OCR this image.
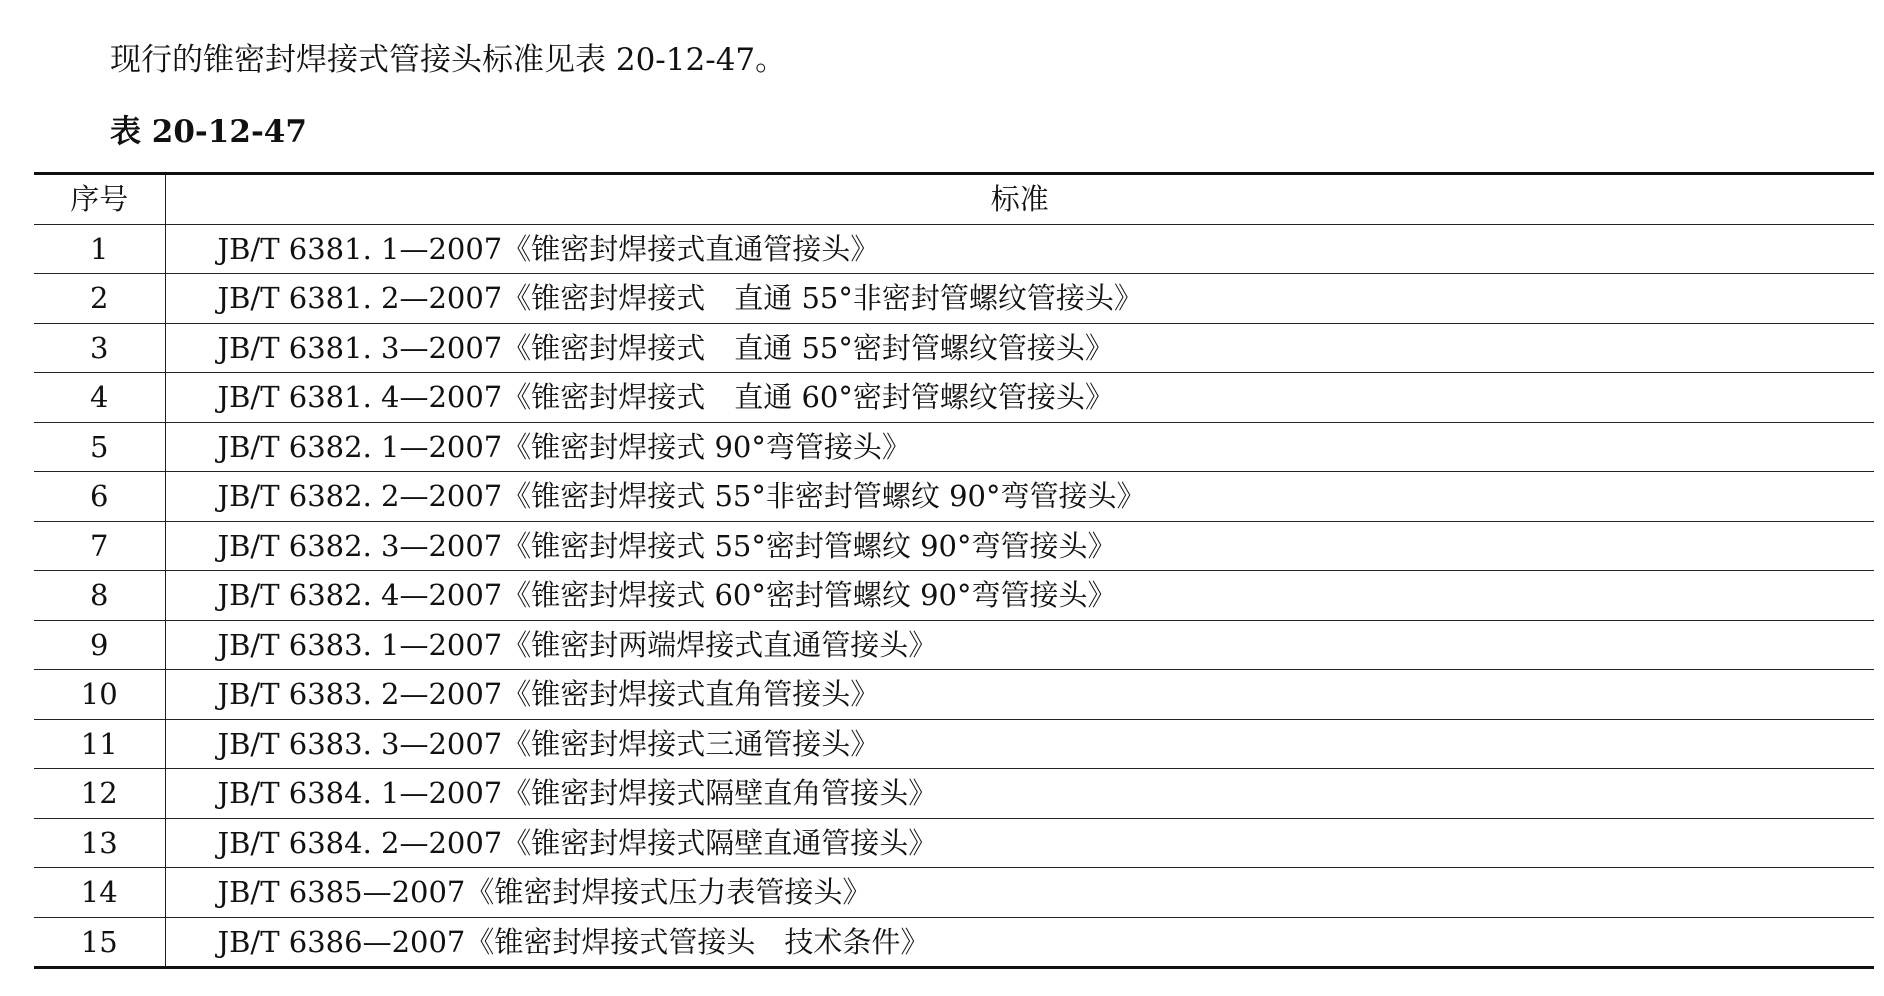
现行的锥密封焊接式管接头标准见表 20-12-47。
表 20-12-47
序号	标准
1	JB/T 6381. 1—2007《锥密封焊接式直通管接头》
2	JB/T 6381. 2—2007《锥密封焊接式　直通 55°非密封管螺纹管接头》
3	JB/T 6381. 3—2007《锥密封焊接式　直通 55°密封管螺纹管接头》
4	JB/T 6381. 4—2007《锥密封焊接式　直通 60°密封管螺纹管接头》
5	JB/T 6382. 1—2007《锥密封焊接式 90°弯管接头》
6	JB/T 6382. 2—2007《锥密封焊接式 55°非密封管螺纹 90°弯管接头》
7	JB/T 6382. 3—2007《锥密封焊接式 55°密封管螺纹 90°弯管接头》
8	JB/T 6382. 4—2007《锥密封焊接式 60°密封管螺纹 90°弯管接头》
9	JB/T 6383. 1—2007《锥密封两端焊接式直通管接头》
10	JB/T 6383. 2—2007《锥密封焊接式直角管接头》
11	JB/T 6383. 3—2007《锥密封焊接式三通管接头》
12	JB/T 6384. 1—2007《锥密封焊接式隔壁直角管接头》
13	JB/T 6384. 2—2007《锥密封焊接式隔壁直通管接头》
14	JB/T 6385—2007《锥密封焊接式压力表管接头》
15	JB/T 6386—2007《锥密封焊接式管接头　技术条件》
